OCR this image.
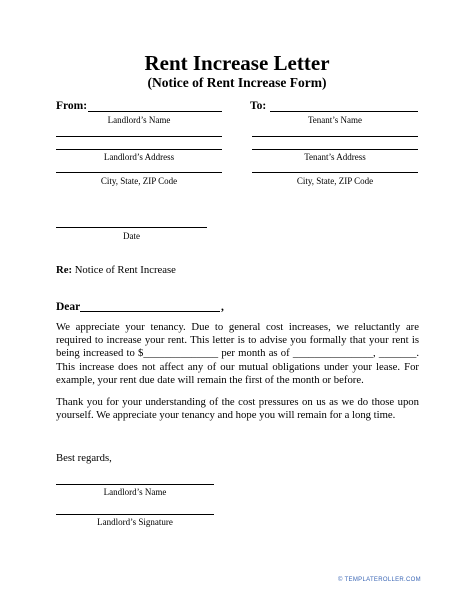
Rent Increase Letter
(Notice of Rent Increase Form)
From:
Landlord’s Name
Landlord’s Address
City, State, ZIP Code
To:
Tenant’s Name
Tenant’s Address
City, State, ZIP Code
Date
Re: Notice of Rent Increase
Dear	,
We appreciate your tenancy. Due to general cost increases, we reluctantly are required to increase your rent. This letter is to advise you formally that your rent is being increased to $______________ per month as of _______________, _______. This increase does not affect any of our mutual obligations under your lease. For example, your rent due date will remain the first of the month or before.
Thank you for your understanding of the cost pressures on us as we do those upon yourself. We appreciate your tenancy and hope you will remain for a long time.
Best regards,
Landlord’s Name
Landlord’s Signature
© TEMPLATEROLLER.COM
